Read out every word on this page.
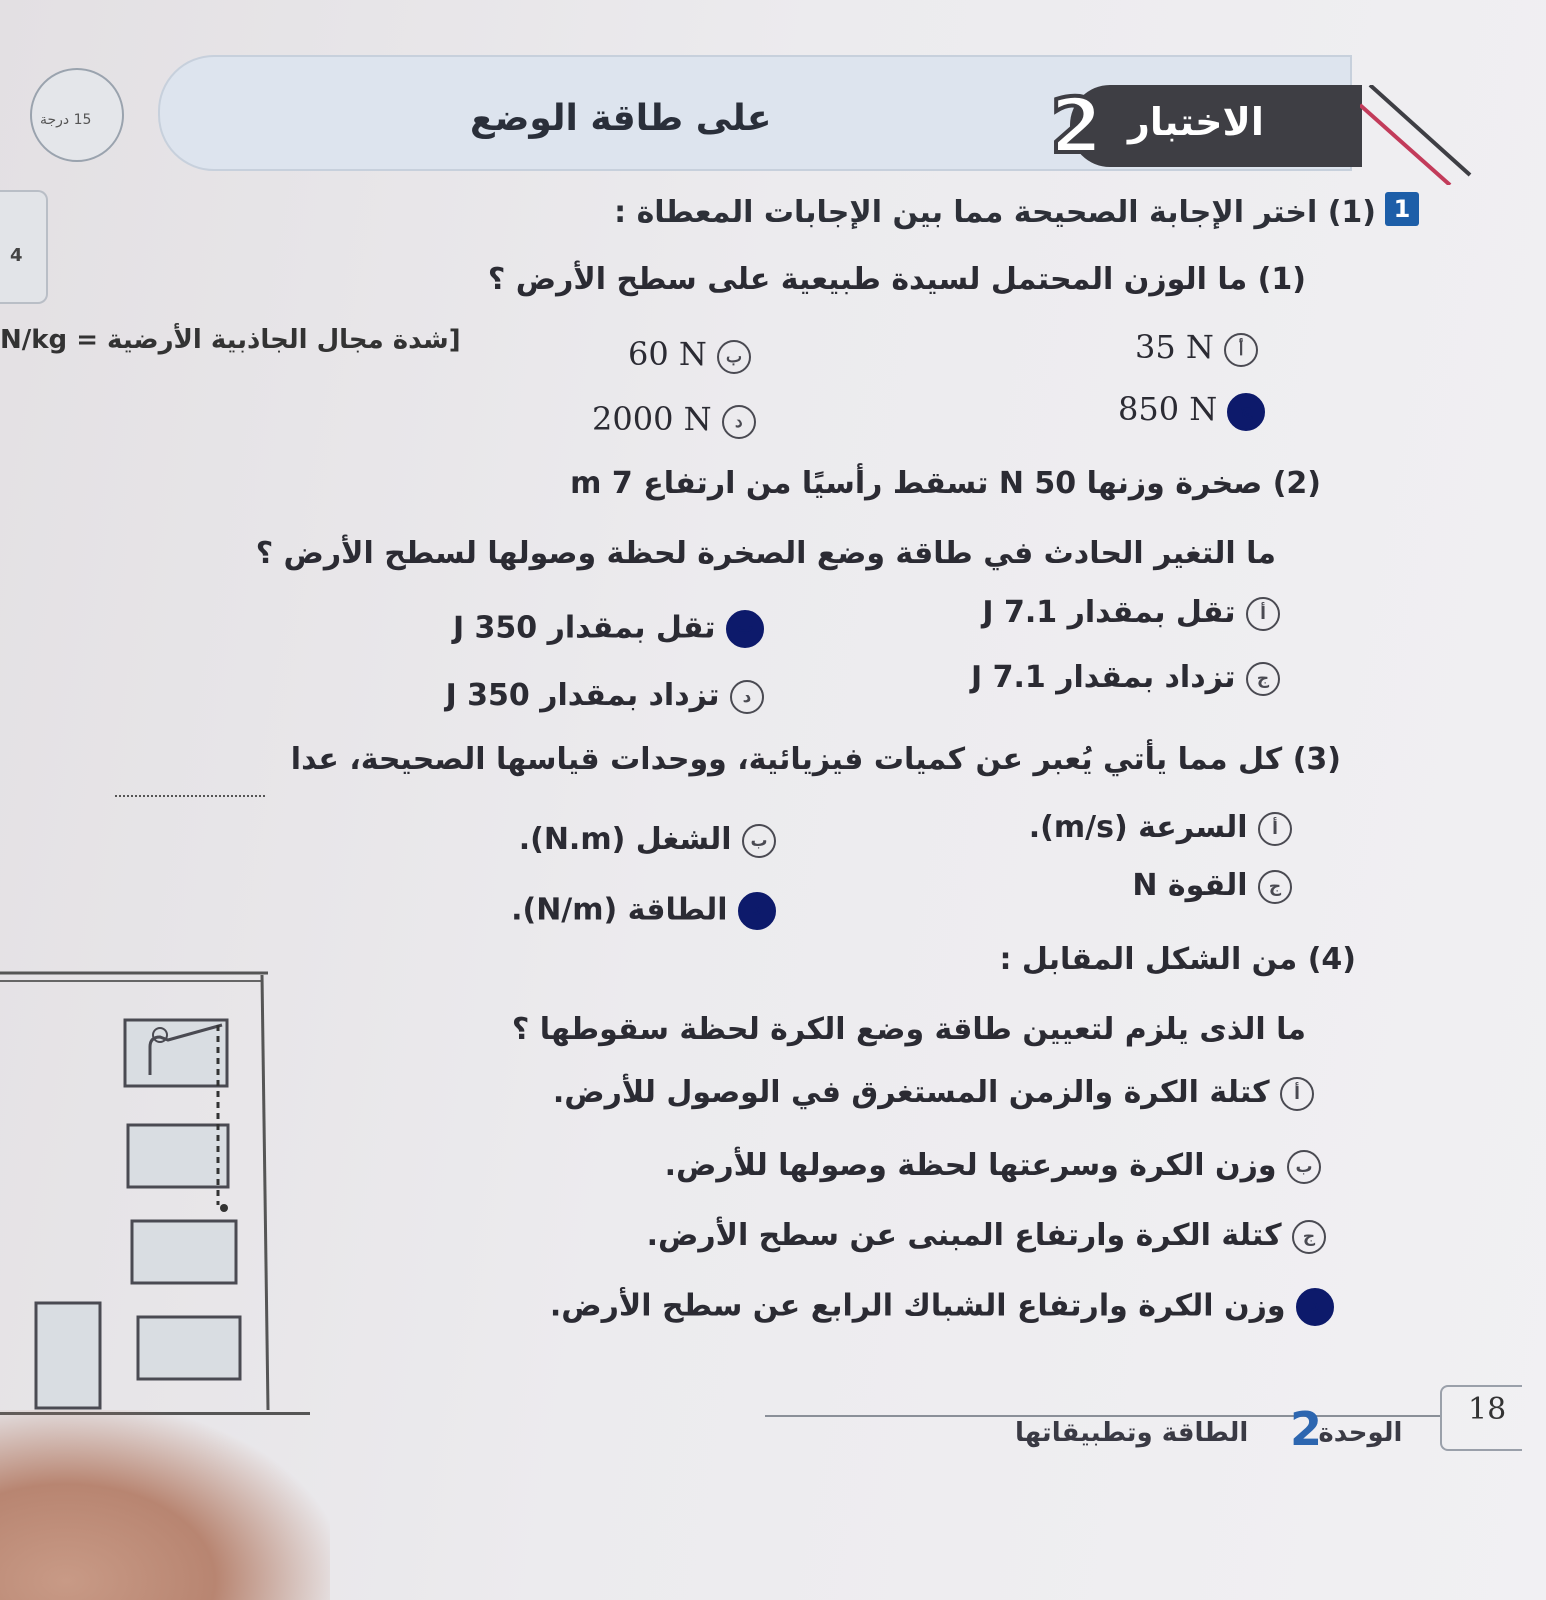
15 درجة
4
على طاقة الوضع	الاختبار
2
1
(1) اختر الإجابة الصحيحة مما بين الإجابات المعطاة :
(1) ما الوزن المحتمل لسيدة طبيعية على سطح الأرض ؟
[شدة مجال الجاذبية الأرضية = N/kg	35 N أ
60 N ب
850 N ج
2000 N د
(2) صخرة وزنها N 50 تسقط رأسيًا من ارتفاع 7 m
ما التغير الحادث في طاقة وضع الصخرة لحظة وصولها لسطح الأرض ؟
أ تقل بمقدار J 7.1
ب تقل بمقدار J 350
ج تزداد بمقدار J 7.1
د تزداد بمقدار J 350
(3) كل مما يأتي يُعبر عن كميات فيزيائية، ووحدات قياسها الصحيحة، عدا
أ السرعة (m/s).
ب الشغل (N.m).
ج القوة N
د الطاقة (N/m).
(4) من الشكل المقابل :
ما الذى يلزم لتعيين طاقة وضع الكرة لحظة سقوطها ؟
أ كتلة الكرة والزمن المستغرق في الوصول للأرض.
ب وزن الكرة وسرعتها لحظة وصولها للأرض.
ج كتلة الكرة وارتفاع المبنى عن سطح الأرض.
د وزن الكرة وارتفاع الشباك الرابع عن سطح الأرض.
الوحدة  الطاقة وتطبيقاتها 2	18
